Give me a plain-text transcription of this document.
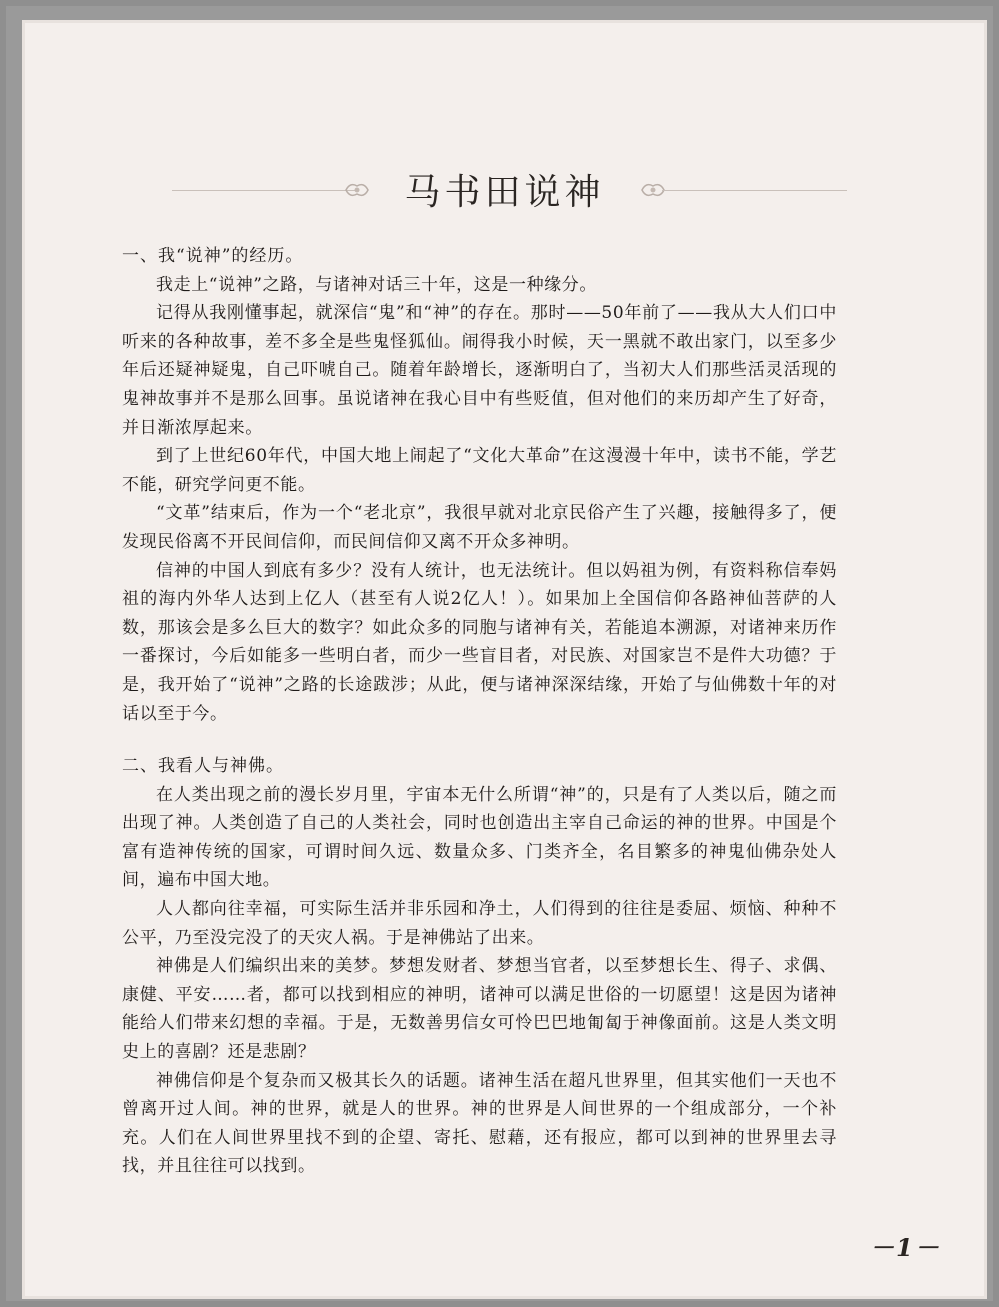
马书田说神
一、我“说神”的经历。

我走上“说神”之路，与诸神对话三十年，这是一种缘分。

记得从我刚懂事起，就深信“鬼”和“神”的存在。那时——50年前了——我从大人们口中听来的各种故事，差不多全是些鬼怪狐仙。闹得我小时候，天一黑就不敢出家门，以至多少年后还疑神疑鬼，自己吓唬自己。随着年龄增长，逐渐明白了，当初大人们那些活灵活现的鬼神故事并不是那么回事。虽说诸神在我心目中有些贬值，但对他们的来历却产生了好奇，并日渐浓厚起来。

到了上世纪60年代，中国大地上闹起了“文化大革命”在这漫漫十年中，读书不能，学艺不能，研究学问更不能。

“文革”结束后，作为一个“老北京”，我很早就对北京民俗产生了兴趣，接触得多了，便发现民俗离不开民间信仰，而民间信仰又离不开众多神明。

信神的中国人到底有多少？没有人统计，也无法统计。但以妈祖为例，有资料称信奉妈祖的海内外华人达到上亿人（甚至有人说2亿人！）。如果加上全国信仰各路神仙菩萨的人数，那该会是多么巨大的数字？如此众多的同胞与诸神有关，若能追本溯源，对诸神来历作一番探讨，今后如能多一些明白者，而少一些盲目者，对民族、对国家岂不是件大功德？于是，我开始了“说神”之路的长途跋涉；从此，便与诸神深深结缘，开始了与仙佛数十年的对话以至于今。

二、我看人与神佛。

在人类出现之前的漫长岁月里，宇宙本无什么所谓“神”的，只是有了人类以后，随之而出现了神。人类创造了自己的人类社会，同时也创造出主宰自己命运的神的世界。中国是个富有造神传统的国家，可谓时间久远、数量众多、门类齐全，名目繁多的神鬼仙佛杂处人间，遍布中国大地。

人人都向往幸福，可实际生活并非乐园和净土，人们得到的往往是委屈、烦恼、种种不公平，乃至没完没了的天灾人祸。于是神佛站了出来。

神佛是人们编织出来的美梦。梦想发财者、梦想当官者，以至梦想长生、得子、求偶、康健、平安……者，都可以找到相应的神明，诸神可以满足世俗的一切愿望！这是因为诸神能给人们带来幻想的幸福。于是，无数善男信女可怜巴巴地匍匐于神像面前。这是人类文明史上的喜剧？还是悲剧？

神佛信仰是个复杂而又极其长久的话题。诸神生活在超凡世界里，但其实他们一天也不曾离开过人间。神的世界，就是人的世界。神的世界是人间世界的一个组成部分，一个补充。人们在人间世界里找不到的企望、寄托、慰藉，还有报应，都可以到神的世界里去寻找，并且往往可以找到。

－1－
